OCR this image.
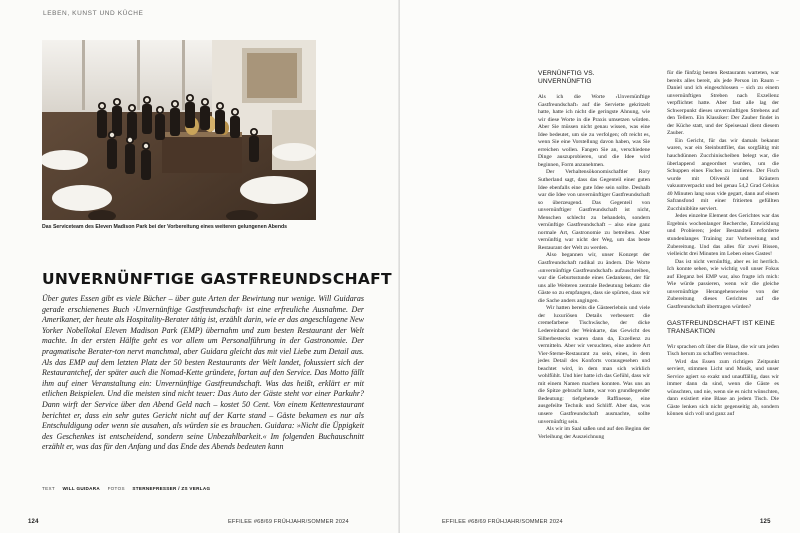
LEBEN, KUNST UND KÜCHE
Das Serviceteam des Eleven Madison Park bei der Vorbereitung eines weiteren gelungenen Abends
UNVERNÜNFTIGE GASTFREUNDSCHAFT
Über gutes Essen gibt es viele Bücher – über gute Arten der Bewirtung nur wenige. Will Guidaras gerade erschienenes Buch ›Unvernünftige Gastfreundschaft‹ ist eine erfreuliche Ausnahme. Der Amerikaner, der heute als Hospitality-Berater tätig ist, erzählt darin, wie er das angeschlagene New Yorker Nobellokal Eleven Madison Park (EMP) übernahm und zum besten Restaurant der Welt machte. In der ersten Hälfte geht es vor allem um Personalführung in der Gastronomie. Der pragmatische Berater-ton nervt manchmal, aber Guidara gleicht das mit viel Liebe zum Detail aus. Als das EMP auf dem letzten Platz der 50 besten Restaurants der Welt landet, fokussiert sich der Restaurantchef, der später auch die Nomad-Kette gründete, fortan auf den Service. Das Motto fällt ihm auf einer Veranstaltung ein: Unvernünftige Gastfreundschaft. Was das heißt, erklärt er mit etlichen Beispielen. Und die meisten sind nicht teuer: Das Auto der Gäste steht vor einer Parkuhr? Dann wirft der Service über den Abend Geld nach – kostet 50 Cent. Von einem Kettenrestaurant berichtet er, dass ein sehr gutes Gericht nicht auf der Karte stand – Gäste bekamen es nur als Entschuldigung oder wenn sie ausahen, als würden sie es brauchen. Guidara: »Nicht die Üppigkeit des Geschenkes ist entscheidend, sondern seine Unbezahlbarkeit.« Im folgenden Buchauschnitt erzählt er, was das für den Anfang und das Ende des Abends bedeuten kann
TEXT WILL GUIDARA FOTOS STERNEFRESSER / ZS VERLAG
124	EFFILEE #68/69 FRÜHJAHR/SOMMER 2024
VERNÜNFTIG VS. UNVERNÜNFTIG

Als ich die Worte ›Unvernünftige Gastfreundschaft‹ auf die Serviette gekritzelt hatte, hatte ich nicht die geringste Ahnung, wie wir diese Worte in die Praxis umsetzen würden. Aber Sie müssen nicht genau wissen, was eine Idee bedeutet, um sie zu verfolgen; oft reicht es, wenn Sie eine Vorstellung davon haben, was Sie erreichen wollen. Fangen Sie an, verschiedene Dinge auszuprobieren, und die Idee wird beginnen, Form anzunehmen.

Der Verhaltensökonomischaftler Rory Sutherland sagt, dass das Gegenteil einer guten Idee ebenfalls eine gute Idee sein sollte. Deshalb war die Idee von unvernünftiger Gastfreundschaft so überzeugend. Das Gegenteil von unvernünftiger Gastfreundschaft ist nicht, Menschen schlecht zu behandeln, sondern vernünftige Gastfreundschaft – also eine ganz normale Art, Gastronomie zu betreiben. Aber vernünftig war nicht der Weg, um das beste Restaurant der Welt zu werden.

Also begannen wir, unser Konzept der Gastfreundschaft radikal zu ändern. Die Worte ›unvernünftige Gastfreundschaft‹ aufzuschreiben, war die Geburtsstunde eines Gedankens, der für uns alle Weiteren zentrale Bedeutung bekam: die Gäste so zu empfangen, dass sie spürten, dass wir die Sache anders angingen.

Wir hatten bereits die Gästeerlebnis und viele der luxuriösen Details verbessert: die cremefarbene Tischwäsche, der dicke Ledereinband der Weinkarte, das Gewicht des Silberbestecks waren dann da, Exzellenz zu vermitteln. Aber wir versuchten, eine andere Art Vier-Sterne-Restaurant zu sein, eines, in dem jedes Detail des Konforts vorausgesehen und beachtet wird, in dem man sich wirklich wohlfühlt. Und hier hatte ich das Gefühl, dass wir mit einem Namen machen konnten. Was uns an die Spitze gebracht hatte, war von grundlegender Bedeutung: tiefgehende Raffinesse, eine ausgefeilte Technik und Schliff. Aber das, was unsere Gastfreundschaft ausmachte, sollte unvernünftig sein.

Als wir im Saal saßen und auf den Beginn der Verleihung der Auszeichnung

für die fünfzig besten Restaurants warteten, war bereits alles bereit, als jede Person im Raum – Daniel und ich eingeschlossen – sich zu einem unvernünftigen Streben nach Exzellenz verpflichtet hatte. Aber fast alle lag der Schwerpunkt dieses unvernünftigen Strebens auf den Tellern. Ein Klassiker: Der Zauber findet in der Küche statt, und der Speisesaal dient diesem Zauber.

Ein Gericht, für das wir damals bekannt waren, war ein Steinbuttfilet, das sorgfältig mit hauchdünnen Zucchinischeiben belegt war, die überlappend angeordnet wurden, um die Schuppen eines Fisches zu imitieren. Der Fisch wurde mit Olivenöl und Kräutern vakuumverpackt und bei genau 54,2 Grad Celsius 40 Minuten lang sous vide gegart, dann auf einem Safransfond mit einer fritierten gefüllten Zucchiniblüte serviert.

Jedes einzelne Element des Gerichtes war das Ergebnis wochenlanger Recherche, Entwicklung und Probieren; jeder Bestandteil erforderte stundenlanges Training zur Vorbereitung und Zubereitung. Und das alles für zwei Bissen, vielleicht drei Minuten im Leben eines Gastes!

Das ist nicht vernünftig, aber es ist herrlich. Ich konnte sehen, wie wichtig voll unser Fokus auf Eleganz bei EMP war, also fragte ich mich: Wie würde passieren, wenn wir die gleiche unvernünftige Herangehensweise von der Zubereitung dieses Gerichtes auf die Gastfreundschaft übertragen würden?

GASTFREUNDSCHAFT IST KEINE TRANSAKTION

Wir sprachen oft über die Blase, die wir um jeden Tisch herum zu schaffen versuchten.

Wird das Essen zum richtigen Zeitpunkt serviert, stimmen Licht und Musik, und unser Service agiert so exakt und unauffällig, dass wir immer dann da sind, wenn die Gäste es wünschten, und nie, wenn sie es nicht wünschten, dann existiert eine Blase an jedem Tisch. Die Gäste lenken sich nicht gegenseitig ab, sondern können sich voll und ganz auf

EFFILEE #68/69 FRÜHJAHR/SOMMER 2024	125
